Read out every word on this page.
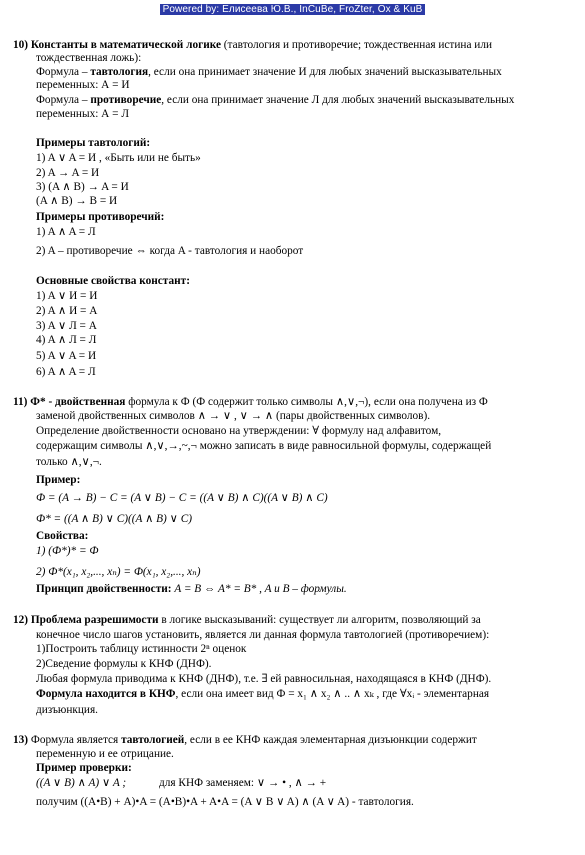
Powered by: Елисеева Ю.В., InCuBe, FroZter, Ox & KuB
10) Константы в математической логике (тавтология и противоречие; тождественная истина или
тождественная ложь):
Формула – тавтология, если она принимает значение И для любых значений высказывательных
переменных: А = И
Формула – противоречие, если она принимает значение Л для любых значений высказывательных
переменных: А = Л
Примеры тавтологий:
1) A ∨ A = И , «Быть или не быть»
2) A → A = И
3) (A ∧ B) → A = И
(A ∧ B) → B = И
Примеры противоречий:
1) A ∧ A = Л
2) A – противоречие ⇔ когда A - тавтология и наоборот
Основные свойства констант:
1) A ∨ И = И
2) A ∧ И = A
3) A ∨ Л = A
4) A ∧ Л = Л
5) A ∨ A = И
6) A ∧ A = Л
11) Ф* - двойственная формула к Ф (Ф содержит только символы ∧,∨,¬), если она получена из Ф
заменой двойственных символов ∧ → ∨ , ∨ → ∧ (пары двойственных символов).
Определение двойственности основано на утверждении: ∀ формулу над алфавитом,
содержащим символы ∧,∨,→,~,¬ можно записать в виде равносильной формулы, содержащей
только ∧,∨,¬.
Пример:
Ф = (A → B) − C = (A ∨ B) − C = ((A ∨ B) ∧ C)((A ∨ B) ∧ C)
Ф* = ((A ∧ B) ∨ C)((A ∧ B) ∨ C)
Свойства:
1) (Ф*)* = Ф
2) Ф*(x₁, x₂,..., xₙ) = Ф(x₁, x₂,..., xₙ)
Принцип двойственности: A = B ⇔ A* = B* , A и B – формулы.
12) Проблема разрешимости в логике высказываний: существует ли алгоритм, позволяющий за
конечное число шагов установить, является ли данная формула тавтологией (противоречием):
1)Построить таблицу истинности 2ⁿ оценок
2)Сведение формулы к КНФ (ДНФ).
Любая формула приводима к КНФ (ДНФ), т.е. ∃ ей равносильная, находящаяся в КНФ (ДНФ).
Формула находится в КНФ, если она имеет вид Ф = x₁ ∧ x₂ ∧ .. ∧ xₖ , где ∀xᵢ - элементарная
дизъюнкция.
13) Формула является тавтологией, если в ее КНФ каждая элементарная дизъюнкции содержит
переменную и ее отрицание.
Пример проверки:
((A ∨ B) ∧ A) ∨ A ;	для КНФ заменяем: ∨ → • , ∧ → +
получим ((A•B) + A)•A = (A•B)•A + A•A = (A ∨ B ∨ A) ∧ (A ∨ A) - тавтология.
